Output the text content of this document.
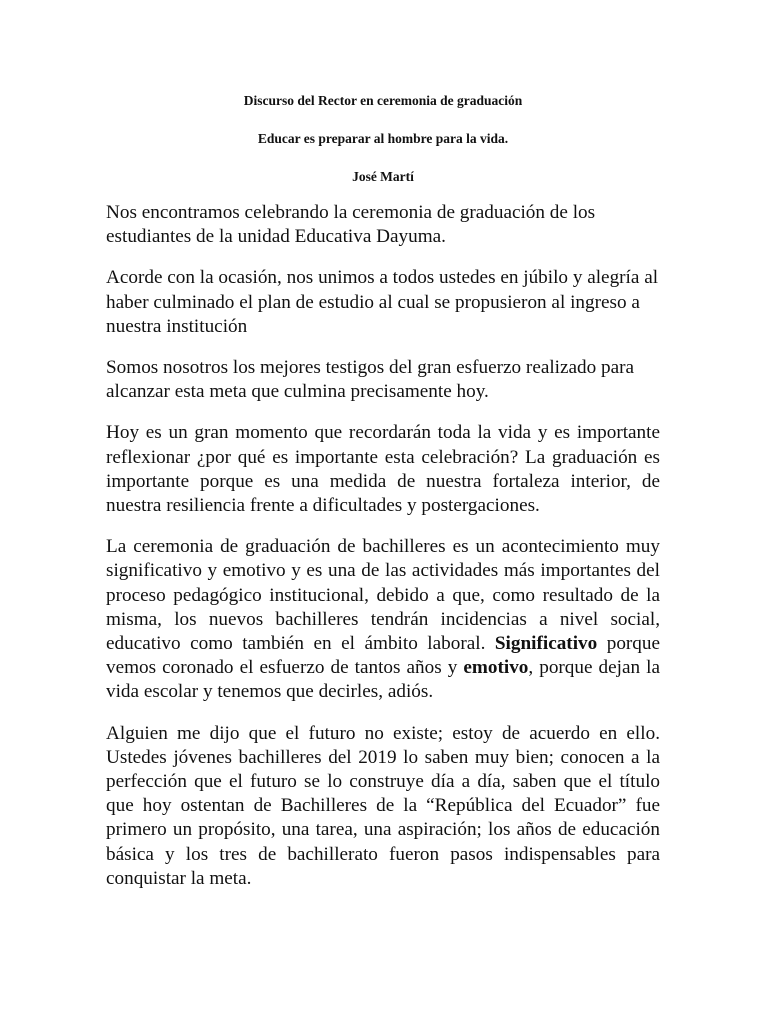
Discurso del Rector en ceremonia de graduación

Educar es preparar al hombre para la vida.

José Martí

Nos encontramos celebrando la ceremonia de graduación de los estudiantes de la unidad Educativa Dayuma.

Acorde con la ocasión, nos unimos a todos ustedes en júbilo y alegría al haber culminado el plan de estudio al cual se propusieron al ingreso a nuestra institución

Somos nosotros los mejores testigos del gran esfuerzo realizado para alcanzar esta meta que culmina precisamente hoy.

Hoy es un gran momento que recordarán toda la vida y es importante reflexionar ¿por qué es importante esta celebración? La graduación es importante porque es una medida de nuestra fortaleza interior, de nuestra resiliencia frente a dificultades y postergaciones.

La ceremonia de graduación de bachilleres es un acontecimiento muy significativo y emotivo y es una de las actividades más importantes del proceso pedagógico institucional, debido a que, como resultado de la misma, los nuevos bachilleres tendrán incidencias a nivel social, educativo como también en el ámbito laboral. Significativo porque vemos coronado el esfuerzo de tantos años y emotivo, porque dejan la vida escolar y tenemos que decirles, adiós.

Alguien me dijo que el futuro no existe; estoy de acuerdo en ello. Ustedes jóvenes bachilleres del 2019 lo saben muy bien; conocen a la perfección que el futuro se lo construye día a día, saben que el título que hoy ostentan de Bachilleres de la “República del Ecuador” fue primero un propósito, una tarea, una aspiración; los años de educación básica y los tres de bachillerato fueron pasos indispensables para conquistar la meta.
